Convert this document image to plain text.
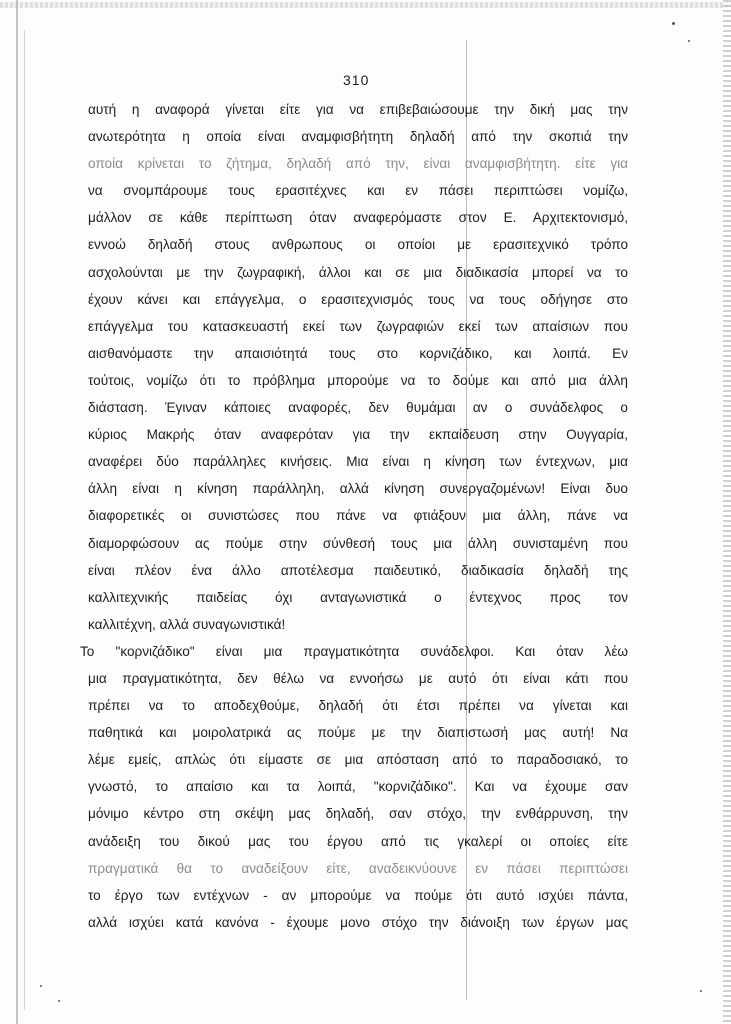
310
αυτή η αναφορά γίνεται είτε για να επιβεβαιώσουμε την δική μας την
ανωτερότητα η οποία είναι αναμφισβήτητη δηλαδή από την σκοπιά την
οποία κρίνεται το ζήτημα, δηλαδή από την, είναι αναμφισβήτητη. είτε για
να σνομπάρουμε τους ερασιτέχνες και εν πάσει περιπτώσει νομίζω,
μάλλον σε κάθε περίπτωση όταν αναφερόμαστε στον Ε. Αρχιτεκτονισμό,
εννοώ δηλαδή στους ανθρωπους οι οποίοι με ερασιτεχνικό τρόπο
ασχολούνται με την ζωγραφική, άλλοι και σε μια διαδικασία μπορεί να το
έχουν κάνει και επάγγελμα, ο ερασιτεχνισμός τους να τους οδήγησε στο
επάγγελμα του κατασκευαστή εκεί των ζωγραφιών εκεί των απαίσιων που
αισθανόμαστε την απαισιότητά τους στο κορνιζάδικο, και λοιπά. Εν
τούτοις, νομίζω ότι το πρόβλημα μπορούμε να το δούμε και από μια άλλη
διάσταση. Έγιναν κάποιες αναφορές, δεν θυμάμαι αν ο συνάδελφος ο
κύριος Μακρής όταν αναφερόταν για την εκπαίδευση στην Ουγγαρία,
αναφέρει δύο παράλληλες κινήσεις. Μια είναι η κίνηση των έντεχνων, μια
άλλη είναι η κίνηση παράλληλη, αλλά κίνηση συνεργαζομένων! Είναι δυο
διαφορετικές οι συνιστώσες που πάνε να φτιάξουν μια άλλη, πάνε να
διαμορφώσουν ας πούμε στην σύνθεσή τους μια άλλη συνισταμένη που
είναι πλέον ένα άλλο αποτέλεσμα παιδευτικό, διαδικασία δηλαδή της
καλλιτεχνικής παιδείας όχι ανταγωνιστικά ο έντεχνος προς τον
καλλιτέχνη, αλλά συναγωνιστικά!
Το "κορνιζάδικο" είναι μια πραγματικότητα συνάδελφοι. Και όταν λέω
μια πραγματικότητα, δεν θέλω να εννοήσω με αυτό ότι είναι κάτι που
πρέπει να το αποδεχθούμε, δηλαδή ότι έτσι πρέπει να γίνεται και
παθητικά και μοιρολατρικά ας πούμε με την διαπιστωσή μας αυτή! Να
λέμε εμείς, απλώς ότι είμαστε σε μια απόσταση από το παραδοσιακό, το
γνωστό, το απαίσιο και τα λοιπά, "κορνιζάδικο". Και να έχουμε σαν
μόνιμο κέντρο στη σκέψη μας δηλαδή, σαν στόχο, την ενθάρρυνση, την
ανάδειξη του δικού μας του έργου από τις γκαλερί οι οποίες είτε
πραγματικά θα το αναδείξουν είτε, αναδεικνύουνε εν πάσει περιπτώσει
το έργο των εντέχνων - αν μπορούμε να πούμε ότι αυτό ισχύει πάντα,
αλλά ισχύει κατά κανόνα - έχουμε μονο στόχο την διάνοιξη των έργων μας
